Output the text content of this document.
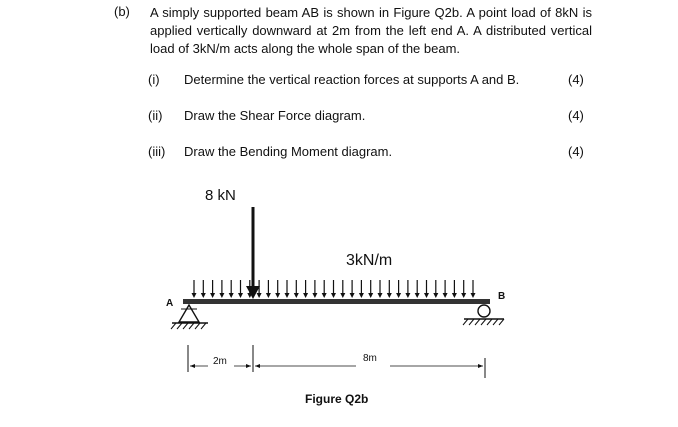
(b) A simply supported beam AB is shown in Figure Q2b. A point load of 8kN is applied vertically downward at 2m from the left end A. A distributed vertical load of 3kN/m acts along the whole span of the beam.
(i) Determine the vertical reaction forces at supports A and B.	(4)
(ii) Draw the Shear Force diagram.	(4)
(iii) Draw the Bending Moment diagram.	(4)
8 kN
3kN/m
A
B
2m	8m
Figure Q2b
